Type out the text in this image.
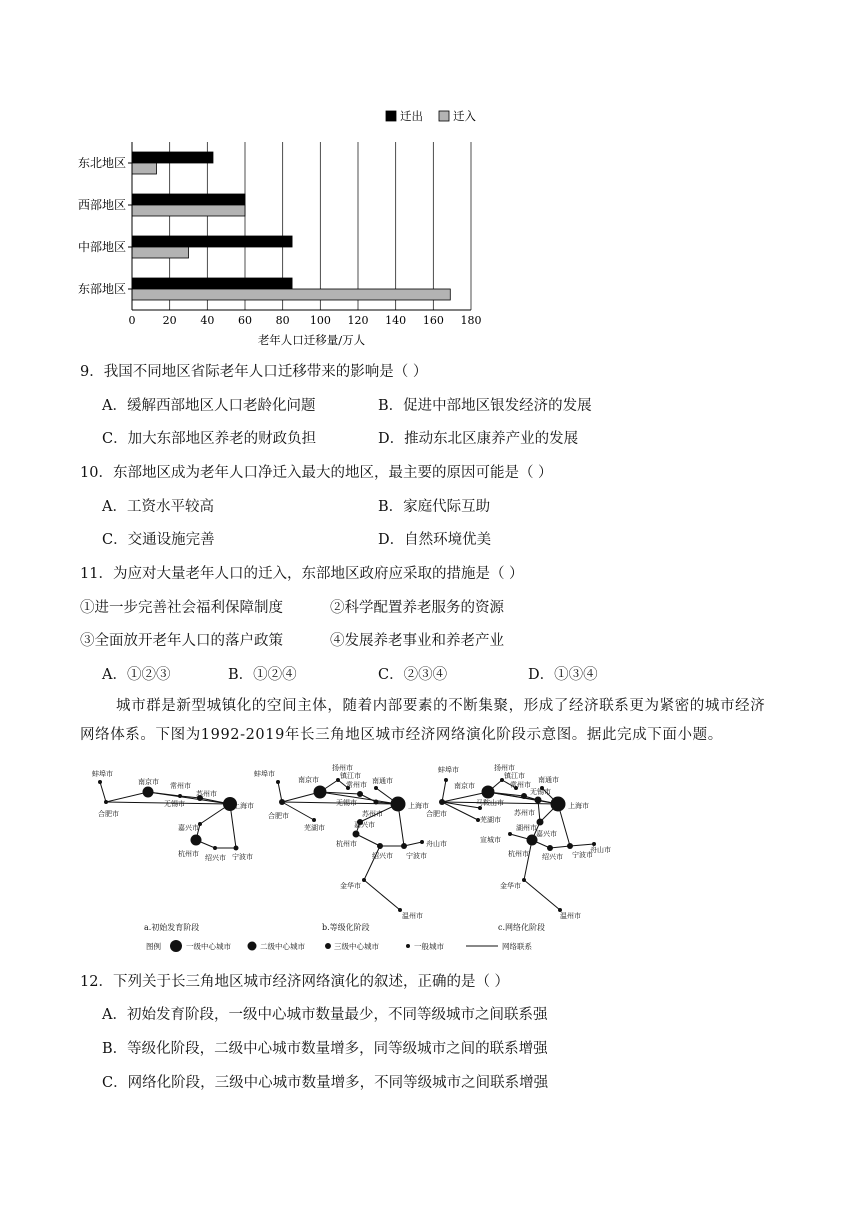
迁出	迁入
0 20 40 60 80 100 120 140 160 180
东北地区
西部地区
中部地区
东部地区
老年人口迁移量/万人
9．我国不同地区省际老年人口迁移带来的影响是（ ）
A．缓解西部地区人口老龄化问题	B．促进中部地区银发经济的发展
C．加大东部地区养老的财政负担	D．推动东北区康养产业的发展
10．东部地区成为老年人口净迁入最大的地区，最主要的原因可能是（ ）
A．工资水平较高	B．家庭代际互助
C．交通设施完善	D．自然环境优美
11．为应对大量老年人口的迁入，东部地区政府应采取的措施是（ ）
①进一步完善社会福利保障制度	②科学配置养老服务的资源
③全面放开老年人口的落户政策	④发展养老事业和养老产业
A．①②③	B．①②④	C．②③④	D．①③④
城市群是新型城镇化的空间主体，随着内部要素的不断集聚，形成了经济联系更为紧密的城市经济网络体系。下图为1992-2019年长三角地区城市经济网络演化阶段示意图。据此完成下面小题。
蚌埠市
南京市 常州市
苏州市
无锡市	上海市
合肥市
嘉兴市
杭州市 绍兴市 宁波市
a.初始发育阶段
蚌埠市
扬州市
镇江市
南京市
常州市 南通市
无锡市	上海市
合肥市
芜湖市
苏州市
嘉兴市
杭州市
绍兴市 宁波市
舟山市
金华市
温州市
b.等级化阶段
蚌埠市	扬州市
镇江市
南京市	常州市
南通市
马鞍山市
无锡市
苏州市
上海市
合肥市
芜湖市
湖州市
宣城市
嘉兴市
舟山市
杭州市 绍兴市 宁波市
金华市
温州市
c.网络化阶段
图例	一级中心城市	二级中心城市	三级中心城市	一般城市	网络联系
12．下列关于长三角地区城市经济网络演化的叙述，正确的是（ ）
A．初始发育阶段，一级中心城市数量最少，不同等级城市之间联系强
B．等级化阶段，二级中心城市数量增多，同等级城市之间的联系增强
C．网络化阶段，三级中心城市数量增多，不同等级城市之间联系增强
